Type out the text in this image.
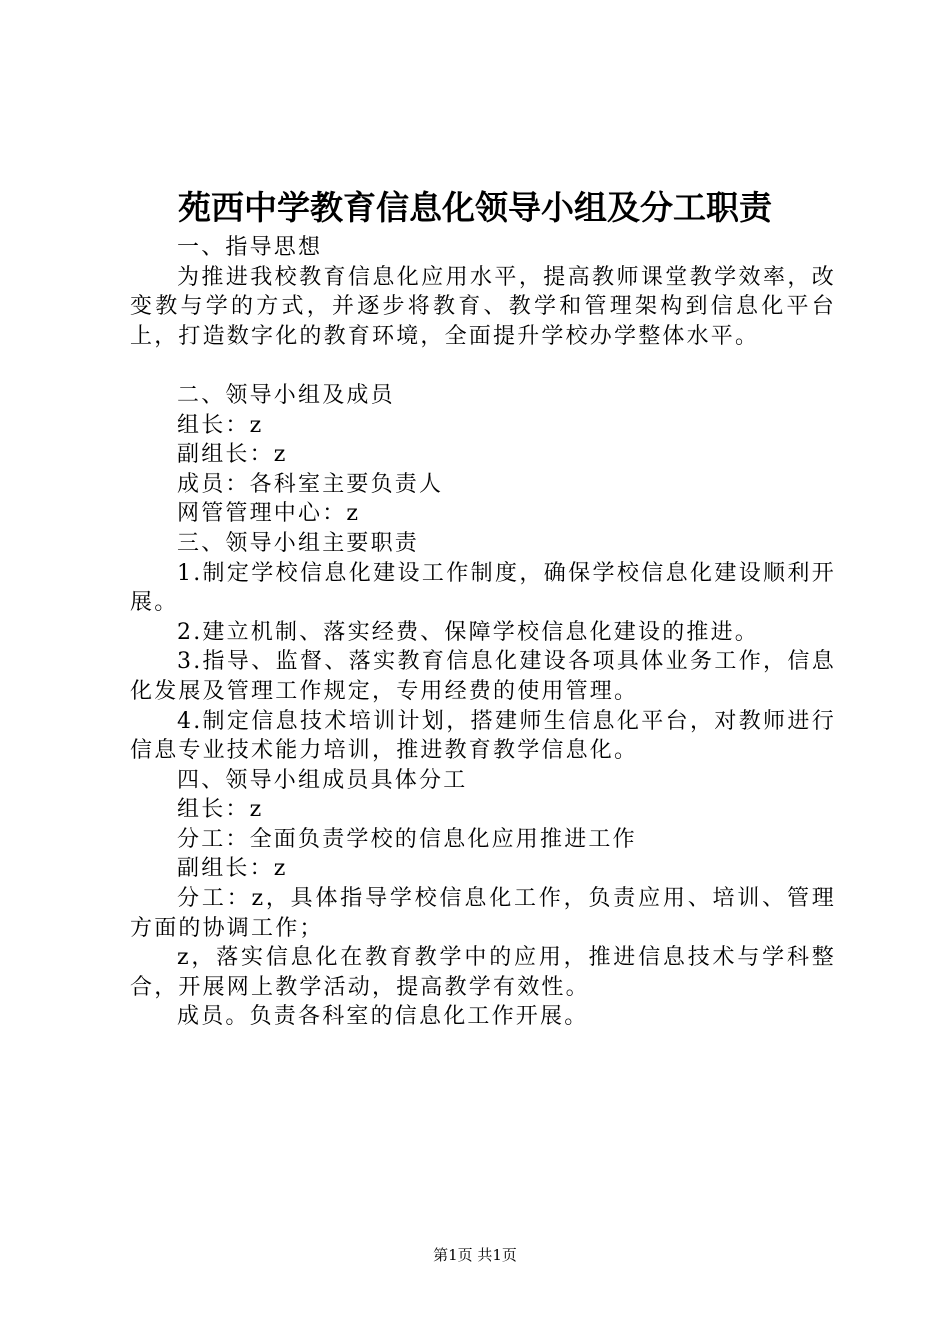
苑西中学教育信息化领导小组及分工职责

一、指导思想

为推进我校教育信息化应用水平，提高教师课堂教学效率，改变教与学的方式，并逐步将教育、教学和管理架构到信息化平台上，打造数字化的教育环境，全面提升学校办学整体水平。

二、领导小组及成员

组长：z

副组长：z

成员：各科室主要负责人

网管管理中心：z

三、领导小组主要职责

1.制定学校信息化建设工作制度，确保学校信息化建设顺利开展。

2.建立机制、落实经费、保障学校信息化建设的推进。

3.指导、监督、落实教育信息化建设各项具体业务工作，信息化发展及管理工作规定，专用经费的使用管理。

4.制定信息技术培训计划，搭建师生信息化平台，对教师进行信息专业技术能力培训，推进教育教学信息化。

四、领导小组成员具体分工

组长：z

分工：全面负责学校的信息化应用推进工作

副组长：z

分工：z，具体指导学校信息化工作，负责应用、培训、管理方面的协调工作；

z，落实信息化在教育教学中的应用，推进信息技术与学科整合，开展网上教学活动，提高教学有效性。

成员。负责各科室的信息化工作开展。

第1页 共1页
